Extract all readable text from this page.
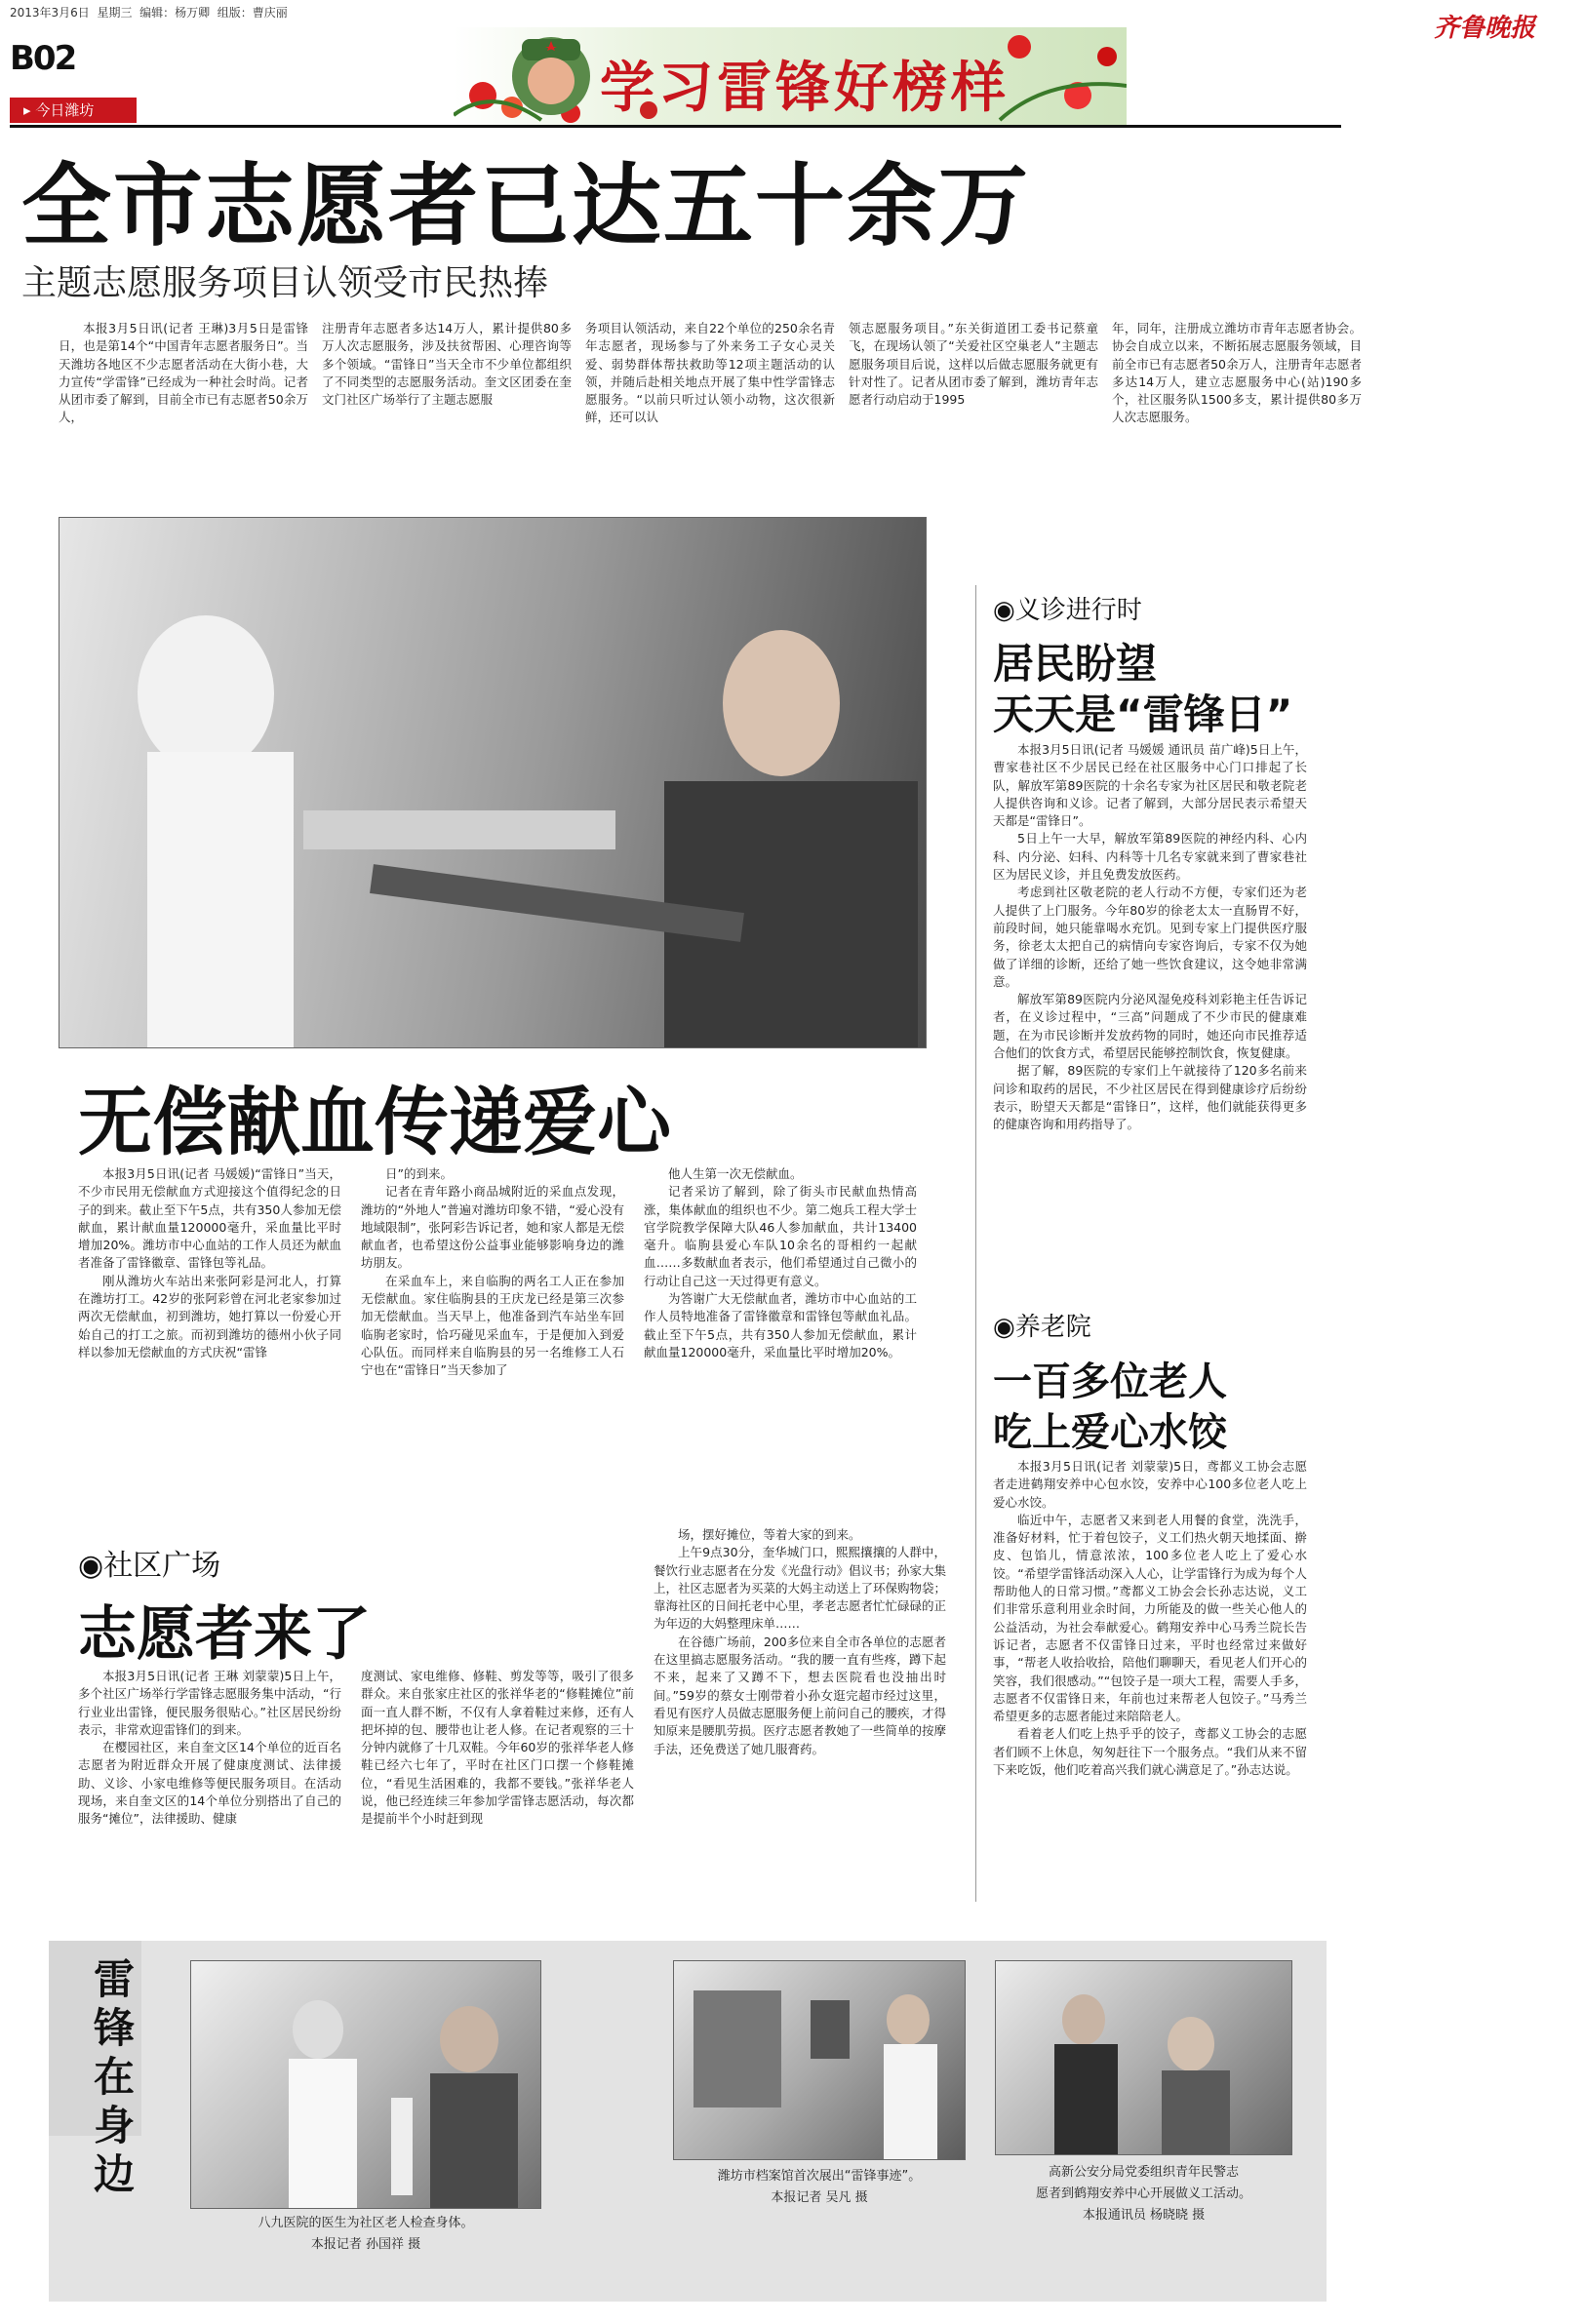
2013年3月6日 星期三 编辑：杨万卿 组版：曹庆丽
齐鲁晚报
B02
▸ 今日潍坊	学习雷锋好榜样
全市志愿者已达五十余万
主题志愿服务项目认领受市民热捧
本报3月5日讯(记者 王琳)3月5日是雷锋日，也是第14个“中国青年志愿者服务日”。当天潍坊各地区不少志愿者活动在大街小巷，大力宣传“学雷锋”已经成为一种社会时尚。记者从团市委了解到，目前全市已有志愿者50余万人，
注册青年志愿者多达14万人，累计提供80多万人次志愿服务，涉及扶贫帮困、心理咨询等多个领域。“雷锋日”当天全市不少单位都组织了不同类型的志愿服务活动。奎文区团委在奎文门社区广场举行了主题志愿服
务项目认领活动，来自22个单位的250余名青年志愿者，现场参与了外来务工子女心灵关爱、弱势群体帮扶救助等12项主题活动的认领，并随后赴相关地点开展了集中性学雷锋志愿服务。“以前只听过认领小动物，这次很新鲜，还可以认
领志愿服务项目。”东关街道团工委书记蔡童飞，在现场认领了“关爱社区空巢老人”主题志愿服务项目后说，这样以后做志愿服务就更有针对性了。记者从团市委了解到，潍坊青年志愿者行动启动于1995
年，同年，注册成立潍坊市青年志愿者协会。协会自成立以来，不断拓展志愿服务领域，目前全市已有志愿者50余万人，注册青年志愿者多达14万人，建立志愿服务中心(站)190多个，社区服务队1500多支，累计提供80多万人次志愿服务。
无偿献血传递爱心

本报3月5日讯(记者 马媛媛)“雷锋日”当天，不少市民用无偿献血方式迎接这个值得纪念的日子的到来。截止至下午5点，共有350人参加无偿献血，累计献血量120000毫升，采血量比平时增加20%。潍坊市中心血站的工作人员还为献血者准备了雷锋徽章、雷锋包等礼品。

刚从潍坊火车站出来张阿彩是河北人，打算在潍坊打工。42岁的张阿彩曾在河北老家参加过两次无偿献血，初到潍坊，她打算以一份爱心开始自己的打工之旅。而初到潍坊的德州小伙子同样以参加无偿献血的方式庆祝“雷锋

日”的到来。

记者在青年路小商品城附近的采血点发现，潍坊的“外地人”普遍对潍坊印象不错，“爱心没有地域限制”，张阿彩告诉记者，她和家人都是无偿献血者，也希望这份公益事业能够影响身边的潍坊朋友。

在采血车上，来自临朐的两名工人正在参加无偿献血。家住临朐县的王庆龙已经是第三次参加无偿献血。当天早上，他准备到汽车站坐车回临朐老家时，恰巧碰见采血车，于是便加入到爱心队伍。而同样来自临朐县的另一名维修工人石宁也在“雷锋日”当天参加了

他人生第一次无偿献血。

记者采访了解到，除了街头市民献血热情高涨，集体献血的组织也不少。第二炮兵工程大学士官学院教学保障大队46人参加献血，共计13400毫升。临朐县爱心车队10余名的哥相约一起献血……多数献血者表示，他们希望通过自己微小的行动让自己这一天过得更有意义。

为答谢广大无偿献血者，潍坊市中心血站的工作人员特地准备了雷锋徽章和雷锋包等献血礼品。截止至下午5点，共有350人参加无偿献血，累计献血量120000毫升，采血量比平时增加20%。

◉义诊进行时
居民盼望
天天是“雷锋日”

本报3月5日讯(记者 马媛媛 通讯员 苗广峰)5日上午，曹家巷社区不少居民已经在社区服务中心门口排起了长队，解放军第89医院的十余名专家为社区居民和敬老院老人提供咨询和义诊。记者了解到，大部分居民表示希望天天都是“雷锋日”。

5日上午一大早，解放军第89医院的神经内科、心内科、内分泌、妇科、内科等十几名专家就来到了曹家巷社区为居民义诊，并且免费发放医药。

考虑到社区敬老院的老人行动不方便，专家们还为老人提供了上门服务。今年80岁的徐老太太一直肠胃不好，前段时间，她只能靠喝水充饥。见到专家上门提供医疗服务，徐老太太把自己的病情向专家咨询后，专家不仅为她做了详细的诊断，还给了她一些饮食建议，这令她非常满意。

解放军第89医院内分泌风湿免疫科刘彩艳主任告诉记者，在义诊过程中，“三高”问题成了不少市民的健康难题，在为市民诊断并发放药物的同时，她还向市民推荐适合他们的饮食方式，希望居民能够控制饮食，恢复健康。

据了解，89医院的专家们上午就接待了120多名前来问诊和取药的居民，不少社区居民在得到健康诊疗后纷纷表示，盼望天天都是“雷锋日”，这样，他们就能获得更多的健康咨询和用药指导了。

◉养老院
一百多位老人
吃上爱心水饺

本报3月5日讯(记者 刘蒙蒙)5日，鸢都义工协会志愿者走进鹤翔安养中心包水饺，安养中心100多位老人吃上爱心水饺。

临近中午，志愿者又来到老人用餐的食堂，洗洗手，准备好材料，忙于着包饺子，义工们热火朝天地揉面、擀皮、包馅儿，情意浓浓，100多位老人吃上了爱心水饺。“希望学雷锋活动深入人心，让学雷锋行为成为每个人帮助他人的日常习惯。”鸢都义工协会会长孙志达说，义工们非常乐意利用业余时间，力所能及的做一些关心他人的公益活动，为社会奉献爱心。鹤翔安养中心马秀兰院长告诉记者，志愿者不仅雷锋日过来，平时也经常过来做好事，“帮老人收拾收拾，陪他们聊聊天，看见老人们开心的笑容，我们很感动。”“包饺子是一项大工程，需要人手多，志愿者不仅雷锋日来，年前也过来帮老人包饺子。”马秀兰希望更多的志愿者能过来陪陪老人。

看着老人们吃上热乎乎的饺子，鸢都义工协会的志愿者们顾不上休息，匆匆赶往下一个服务点。“我们从来不留下来吃饭，他们吃着高兴我们就心满意足了。”孙志达说。

◉社区广场
志愿者来了

本报3月5日讯(记者 王琳 刘蒙蒙)5日上午，多个社区广场举行学雷锋志愿服务集中活动，“行行业业出雷锋，便民服务很贴心。”社区居民纷纷表示，非常欢迎雷锋们的到来。

在樱园社区，来自奎文区14个单位的近百名志愿者为附近群众开展了健康度测试、法律援助、义诊、小家电维修等便民服务项目。在活动现场，来自奎文区的14个单位分别搭出了自己的服务“摊位”，法律援助、健康

度测试、家电维修、修鞋、剪发等等，吸引了很多群众。来自张家庄社区的张祥华老的“修鞋摊位”前面一直人群不断，不仅有人拿着鞋过来修，还有人把坏掉的包、腰带也让老人修。在记者观察的三十分钟内就修了十几双鞋。今年60岁的张祥华老人修鞋已经六七年了，平时在社区门口摆一个修鞋摊位，“看见生活困难的，我都不要钱。”张祥华老人说，他已经连续三年参加学雷锋志愿活动，每次都是提前半个小时赶到现

场，摆好摊位，等着大家的到来。

上午9点30分，奎华城门口，熙熙攘攘的人群中，餐饮行业志愿者在分发《光盘行动》倡议书；孙家大集上，社区志愿者为买菜的大妈主动送上了环保购物袋；靠海社区的日间托老中心里，孝老志愿者忙忙碌碌的正为年迈的大妈整理床单……

在谷德广场前，200多位来自全市各单位的志愿者在这里搞志愿服务活动。“我的腰一直有些疼，蹲下起不来，起来了又蹲不下，想去医院看也没抽出时间。”59岁的蔡女士刚带着小孙女逛完超市经过这里，看见有医疗人员做志愿服务便上前问自己的腰疾，才得知原来是腰肌劳损。医疗志愿者教她了一些简单的按摩手法，还免费送了她几服膏药。

雷锋在身边
八九医院的医生为社区老人检查身体。
本报记者 孙国祥 摄
潍坊市档案馆首次展出“雷锋事迹”。
本报记者 吴凡 摄
高新公安分局党委组织青年民警志
愿者到鹤翔安养中心开展做义工活动。
本报通讯员 杨晓晓 摄
